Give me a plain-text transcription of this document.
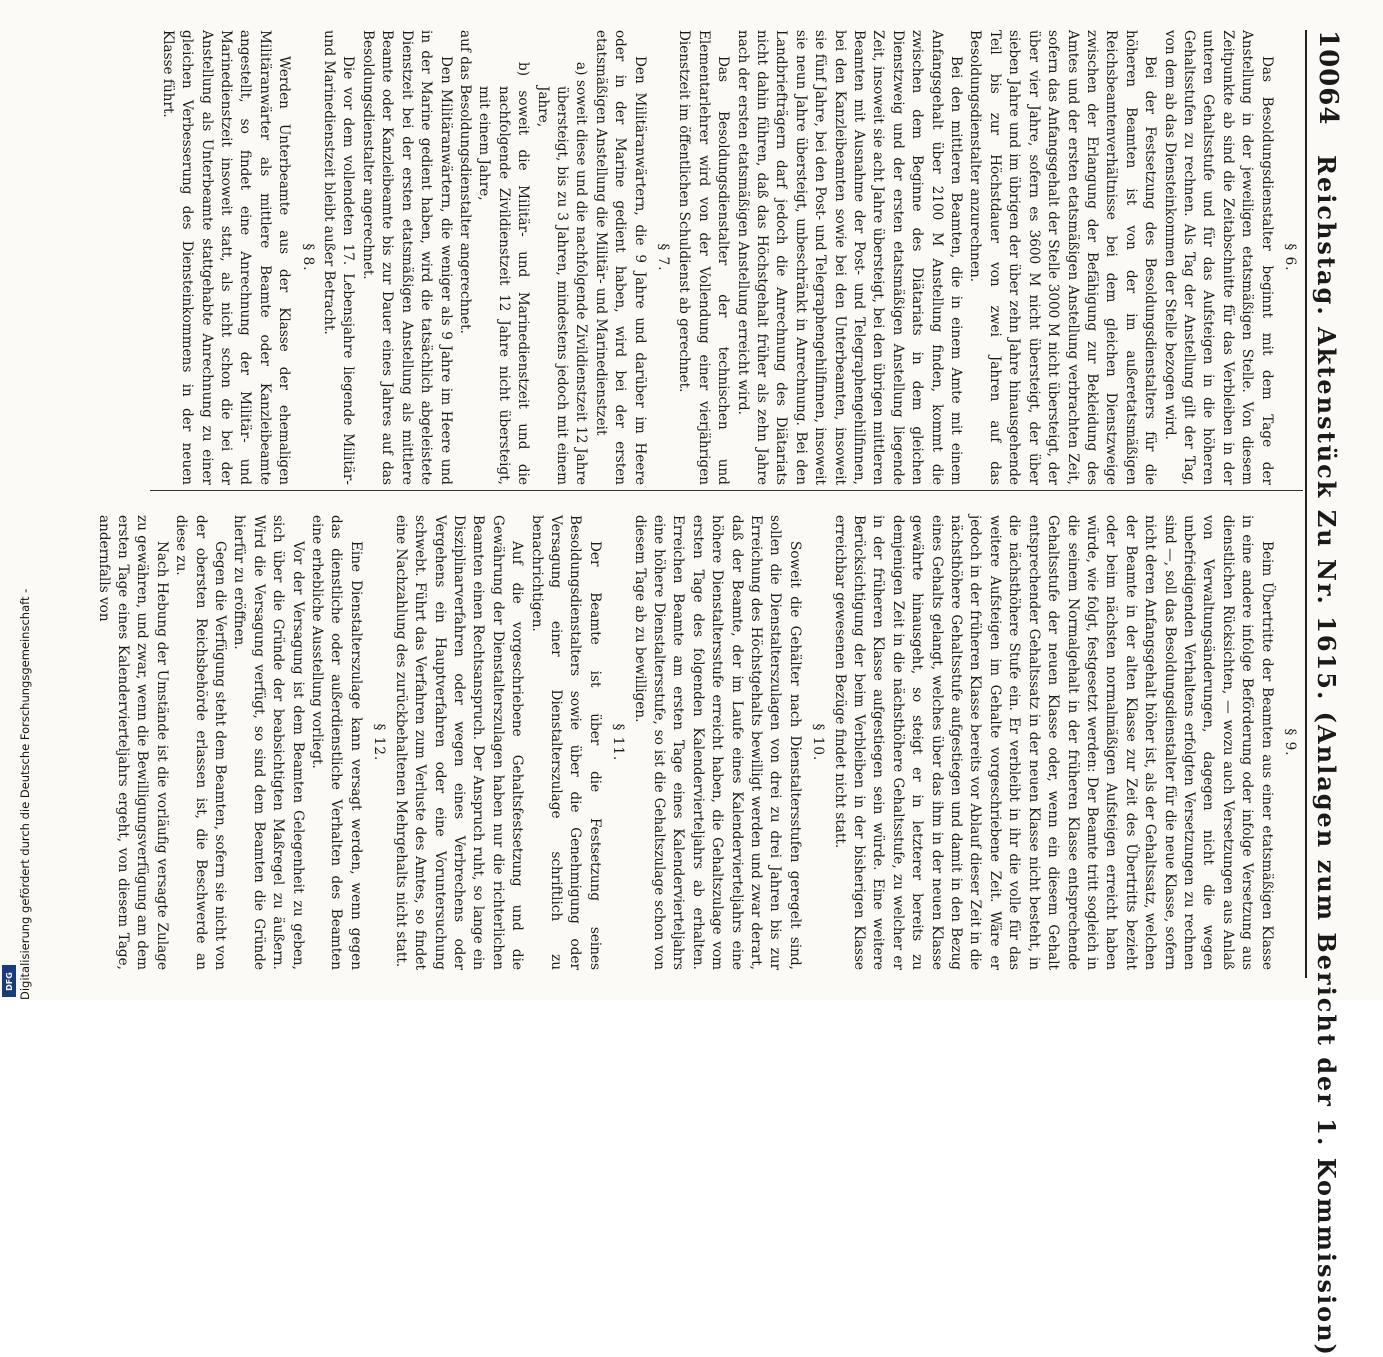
10064
Reichstag. Aktenstück Zu Nr. 1615. (Anlagen zum Bericht der 1. Kommission)
§ 6.

Das Besoldungsdienstalter beginnt mit dem Tage der Anstellung in der jeweiligen etatsmäßigen Stelle. Von diesem Zeitpunkte ab sind die Zeitabschnitte für das Verbleiben in der unteren Gehaltsstufe und für das Aufsteigen in die höheren Gehaltsstufen zu rechnen. Als Tag der Anstellung gilt der Tag, von dem ab das Diensteinkommen der Stelle bezogen wird.

Bei der Festsetzung des Besoldungsdienstalters für die höheren Beamten ist von der im außeretatsmäßigen Reichsbeamtenverhältnisse bei dem gleichen Dienstzweige zwischen der Erlangung der Befähigung zur Bekleidung des Amtes und der ersten etatsmäßigen Anstellung verbrachten Zeit, sofern das Anfangsgehalt der Stelle 3000 M nicht übersteigt, der über vier Jahre, sofern es 3600 M nicht übersteigt, der über sieben Jahre und im übrigen der über zehn Jahre hinausgehende Teil bis zur Höchstdauer von zwei Jahren auf das Besoldungsdienstalter anzurechnen.

Bei den mittleren Beamten, die in einem Amte mit einem Anfangsgehalt über 2100 M Anstellung finden, kommt die zwischen dem Beginne des Diätariats in dem gleichen Dienstzweig und der ersten etatsmäßigen Anstellung liegende Zeit, insoweit sie acht Jahre übersteigt, bei den übrigen mittleren Beamten mit Ausnahme der Post- und Telegraphengehilfinnen, bei den Kanzleibeamten sowie bei den Unterbeamten, insoweit sie fünf Jahre, bei den Post- und Telegraphengehilfinnen, insoweit sie neun Jahre übersteigt, unbeschränkt in Anrechnung. Bei den Landbriefträgern darf jedoch die Anrechnung des Diätariats nicht dahin führen, daß das Höchstgehalt früher als zehn Jahre nach der ersten etatsmäßigen Anstellung erreicht wird.

Das Besoldungsdienstalter der technischen und Elementarlehrer wird von der Vollendung einer vierjährigen Dienstzeit im öffentlichen Schuldienst ab gerechnet.

§ 7.

Den Militäranwärtern, die 9 Jahre und darüber im Heere oder in der Marine gedient haben, wird bei der ersten etatsmäßigen Anstellung die Militär- und Marinedienstzeit

a) soweit diese und die nachfolgende Zivildienstzeit 12 Jahre übersteigt, bis zu 3 Jahren, mindestens jedoch mit einem Jahre,

b) soweit die Militär- und Marinedienstzeit und die nachfolgende Zivildienstzeit 12 Jahre nicht übersteigt, mit einem Jahre,

auf das Besoldungsdienstalter angerechnet.

Den Militäranwärtern, die weniger als 9 Jahre im Heere und in der Marine gedient haben, wird die tatsächlich abgeleistete Dienstzeit bei der ersten etatsmäßigen Anstellung als mittlere Beamte oder Kanzleibeamte bis zur Dauer eines Jahres auf das Besoldungsdienstalter angerechnet.

Die vor dem vollendeten 17. Lebensjahre liegende Militär- und Marinedienstzeit bleibt außer Betracht.

§ 8.

Werden Unterbeamte aus der Klasse der ehemaligen Militäranwärter als mittlere Beamte oder Kanzleibeamte angestellt, so findet eine Anrechnung der Militär- und Marinedienstzeit insoweit statt, als nicht schon die bei der Anstellung als Unterbeamte stattgehabte Anrechnung zu einer gleichen Verbesserung des Diensteinkommens in der neuen Klasse führt.

§ 9.

Beim Übertritte der Beamten aus einer etatsmäßigen Klasse in eine andere infolge Beförderung oder infolge Versetzung aus dienstlichen Rücksichten, — wozu auch Versetzungen aus Anlaß von Verwaltungsänderungen, dagegen nicht die wegen unbefriedigenden Verhaltens erfolgten Versetzungen zu rechnen sind —, soll das Besoldungsdienstalter für die neue Klasse, sofern nicht deren Anfangsgehalt höher ist, als der Gehaltssatz, welchen der Beamte in der alten Klasse zur Zeit des Übertritts bezieht oder beim nächsten normalmäßigen Aufsteigen erreicht haben würde, wie folgt, festgesetzt werden: Der Beamte tritt sogleich in die seinem Normalgehalt in der früheren Klasse entsprechende Gehaltsstufe der neuen Klasse oder, wenn ein diesem Gehalt entsprechender Gehaltssatz in der neuen Klasse nicht besteht, in die nächsthöhere Stufe ein. Er verbleibt in ihr die volle für das weitere Aufsteigen im Gehalte vorgeschriebene Zeit. Wäre er jedoch in der früheren Klasse bereits vor Ablauf dieser Zeit in die nächsthöhere Gehaltsstufe aufgestiegen und damit in den Bezug eines Gehalts gelangt, welches über das ihm in der neuen Klasse gewährte hinausgeht, so steigt er in letzterer bereits zu demjenigen Zeit in die nächsthöhere Gehaltsstufe, zu welcher er in der früheren Klasse aufgestiegen sein würde. Eine weitere Berücksichtigung der beim Verbleiben in der bisherigen Klasse erreichbar gewesenen Bezüge findet nicht statt.

§ 10.

Soweit die Gehälter nach Dienstaltersstufen geregelt sind, sollen die Dienstalterszulagen von drei zu drei Jahren bis zur Erreichung des Höchstgehalts bewilligt werden und zwar derart, daß der Beamte, der im Laufe eines Kalendervierteljahrs eine höhere Dienstaltersstufe erreicht haben, die Gehaltszulage vom ersten Tage des folgenden Kalendervierteljahrs ab erhalten. Erreichen Beamte am ersten Tage eines Kalendervierteljahrs eine höhere Dienstaltersstufe, so ist die Gehaltszulage schon von diesem Tage ab zu bewilligen.

§ 11.

Der Beamte ist über die Festsetzung seines Besoldungsdienstalters sowie über die Genehmigung oder Versagung einer Dienstalterszulage schriftlich zu benachrichtigen.

Auf die vorgeschriebene Gehaltsfestsetzung und die Gewährung der Dienstalterszulagen haben nur die richterlichen Beamten einen Rechtsanspruch. Der Anspruch ruht, so lange ein Disziplinarverfahren oder wegen eines Verbrechens oder Vergehens ein Hauptverfahren oder eine Voruntersuchung schwebt. Führt das Verfahren zum Verluste des Amtes, so findet eine Nachzahlung des zurückbehaltenen Mehrgehalts nicht statt.

§ 12.

Eine Dienstalterszulage kann versagt werden, wenn gegen das dienstliche oder außerdienstliche Verhalten des Beamten eine erhebliche Ausstellung vorliegt.

Vor der Versagung ist dem Beamten Gelegenheit zu geben, sich über die Gründe der beabsichtigten Maßregel zu äußern. Wird die Versagung verfügt, so sind dem Beamten die Gründe hierfür zu eröffnen.

Gegen die Verfügung steht dem Beamten, sofern sie nicht von der obersten Reichsbehörde erlassen ist, die Beschwerde an diese zu.

Nach Hebung der Umstände ist die vorläufig versagte Zulage zu gewähren, und zwar, wenn die Bewilligungsverfügung am dem ersten Tage eines Kalendervierteljahrs ergeht, von diesem Tage, andernfalls von

Digitalisierung gefördert durch die Deutsche Forschungsgemeinschaft -
DFG
